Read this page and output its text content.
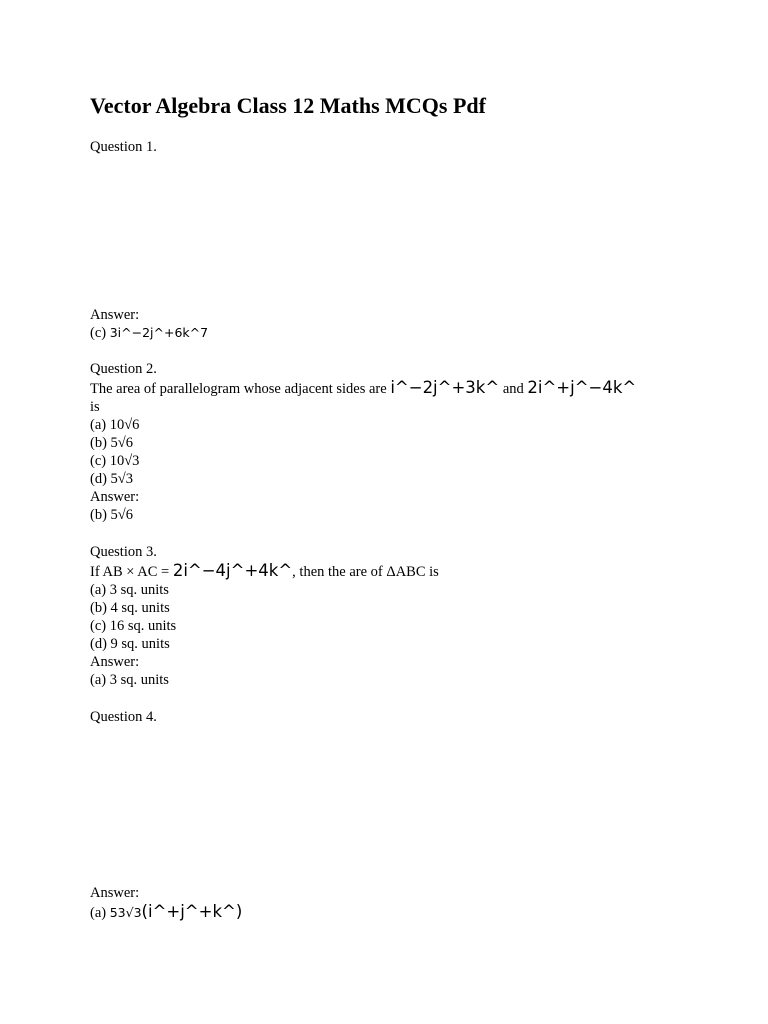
Vector Algebra Class 12 Maths MCQs Pdf
Question 1.
Answer:
(c) 3i^−2j^+6k^7
Question 2.
The area of parallelogram whose adjacent sides are i^−2j^+3k^ and 2i^+j^−4k^
is
(a) 10√6
(b) 5√6
(c) 10√3
(d) 5√3
Answer:
(b) 5√6
Question 3.
If AB × AC = 2i^−4j^+4k^, then the are of ΔABC is
(a) 3 sq. units
(b) 4 sq. units
(c) 16 sq. units
(d) 9 sq. units
Answer:
(a) 3 sq. units
Question 4.
Answer:
(a) 53√3(i^+j^+k^)
